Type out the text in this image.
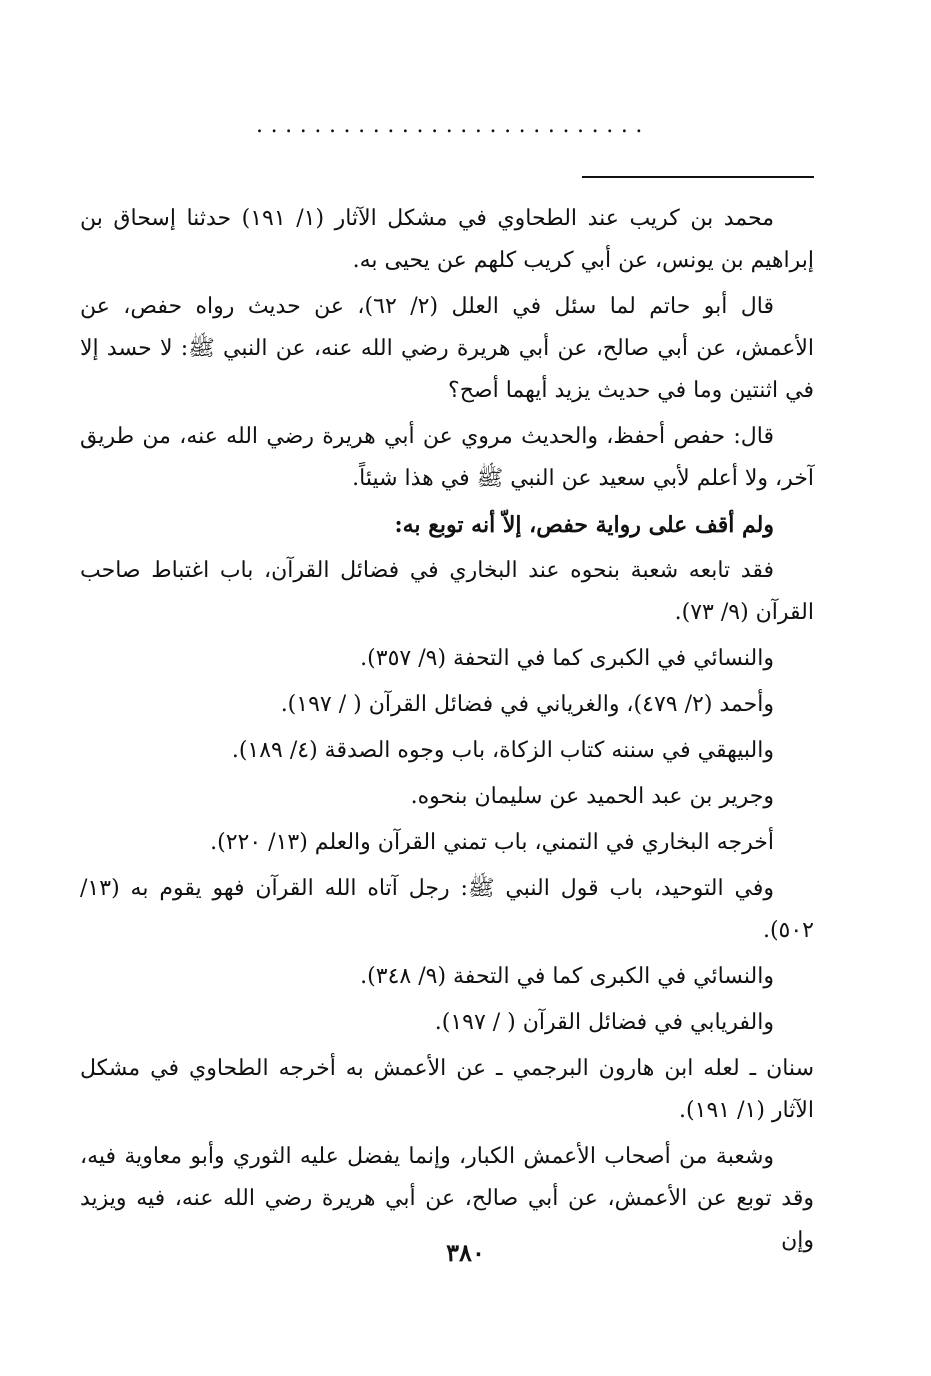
...........................

محمد بن كريب عند الطحاوي في مشكل الآثار (١/ ١٩١) حدثنا إسحاق بن إبراهيم بن يونس، عن أبي كريب كلهم عن يحيى به.

قال أبو حاتم لما سئل في العلل (٢/ ٦٢)، عن حديث رواه حفص، عن الأعمش، عن أبي صالح، عن أبي هريرة رضي الله عنه، عن النبي ﷺ: لا حسد إلا في اثنتين وما في حديث يزيد أيهما أصح؟

قال: حفص أحفظ، والحديث مروي عن أبي هريرة رضي الله عنه، من طريق آخر، ولا أعلم لأبي سعيد عن النبي ﷺ في هذا شيئاً.

ولم أقف على رواية حفص، إلاّ أنه توبع به:

فقد تابعه شعبة بنحوه عند البخاري في فضائل القرآن، باب اغتباط صاحب القرآن (٩/ ٧٣).

والنسائي في الكبرى كما في التحفة (٩/ ٣٥٧).

وأحمد (٢/ ٤٧٩)، والغرياني في فضائل القرآن ( / ١٩٧).

والبيهقي في سننه كتاب الزكاة، باب وجوه الصدقة (٤/ ١٨٩).

وجرير بن عبد الحميد عن سليمان بنحوه.

أخرجه البخاري في التمني، باب تمني القرآن والعلم (١٣/ ٢٢٠).

وفي التوحيد، باب قول النبي ﷺ: رجل آتاه الله القرآن فهو يقوم به (١٣/ ٥٠٢).

والنسائي في الكبرى كما في التحفة (٩/ ٣٤٨).

والفريابي في فضائل القرآن ( / ١٩٧).

سنان ـ لعله ابن هارون البرجمي ـ عن الأعمش به أخرجه الطحاوي في مشكل الآثار (١/ ١٩١).

وشعبة من أصحاب الأعمش الكبار، وإنما يفضل عليه الثوري وأبو معاوية فيه، وقد توبع عن الأعمش، عن أبي صالح، عن أبي هريرة رضي الله عنه، فيه ويزيد وإن

٣٨٠
